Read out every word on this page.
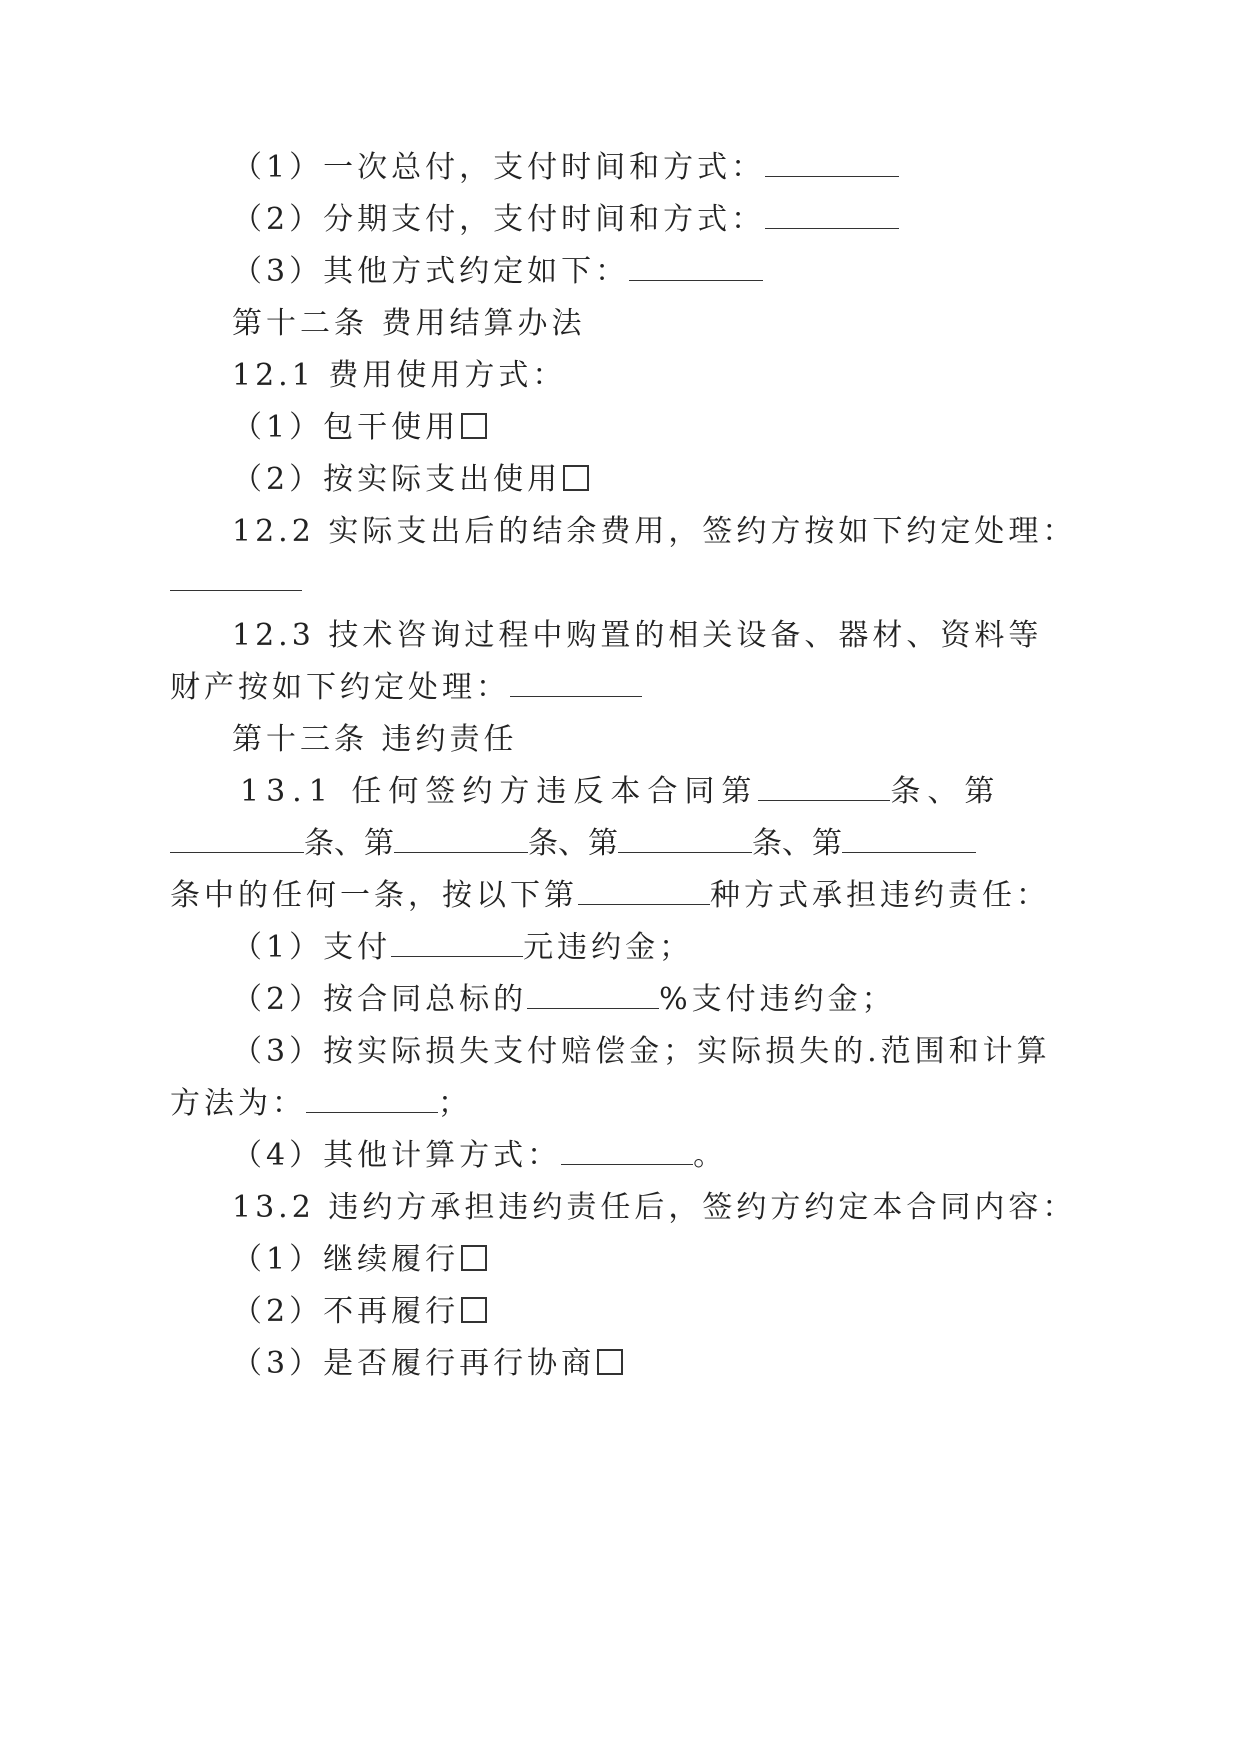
（1）一次总付，支付时间和方式：
（2）分期支付，支付时间和方式：
（3）其他方式约定如下：
第十二条 费用结算办法
12.1 费用使用方式：
（1）包干使用
（2）按实际支出使用
12.2 实际支出后的结余费用，签约方按如下约定处理：
12.3 技术咨询过程中购置的相关设备、器材、资料等
财产按如下约定处理：
第十三条 违约责任
13.1 任何签约方违反本合同第	条、第
条、第	条、第	条、第
条中的任何一条，按以下第	种方式承担违约责任：
（1）支付	元违约金；
（2）按合同总标的	%支付违约金；
（3）按实际损失支付赔偿金；实际损失的.范围和计算
方法为：	；
（4）其他计算方式：	。
13.2 违约方承担违约责任后，签约方约定本合同内容：
（1）继续履行
（2）不再履行
（3）是否履行再行协商
